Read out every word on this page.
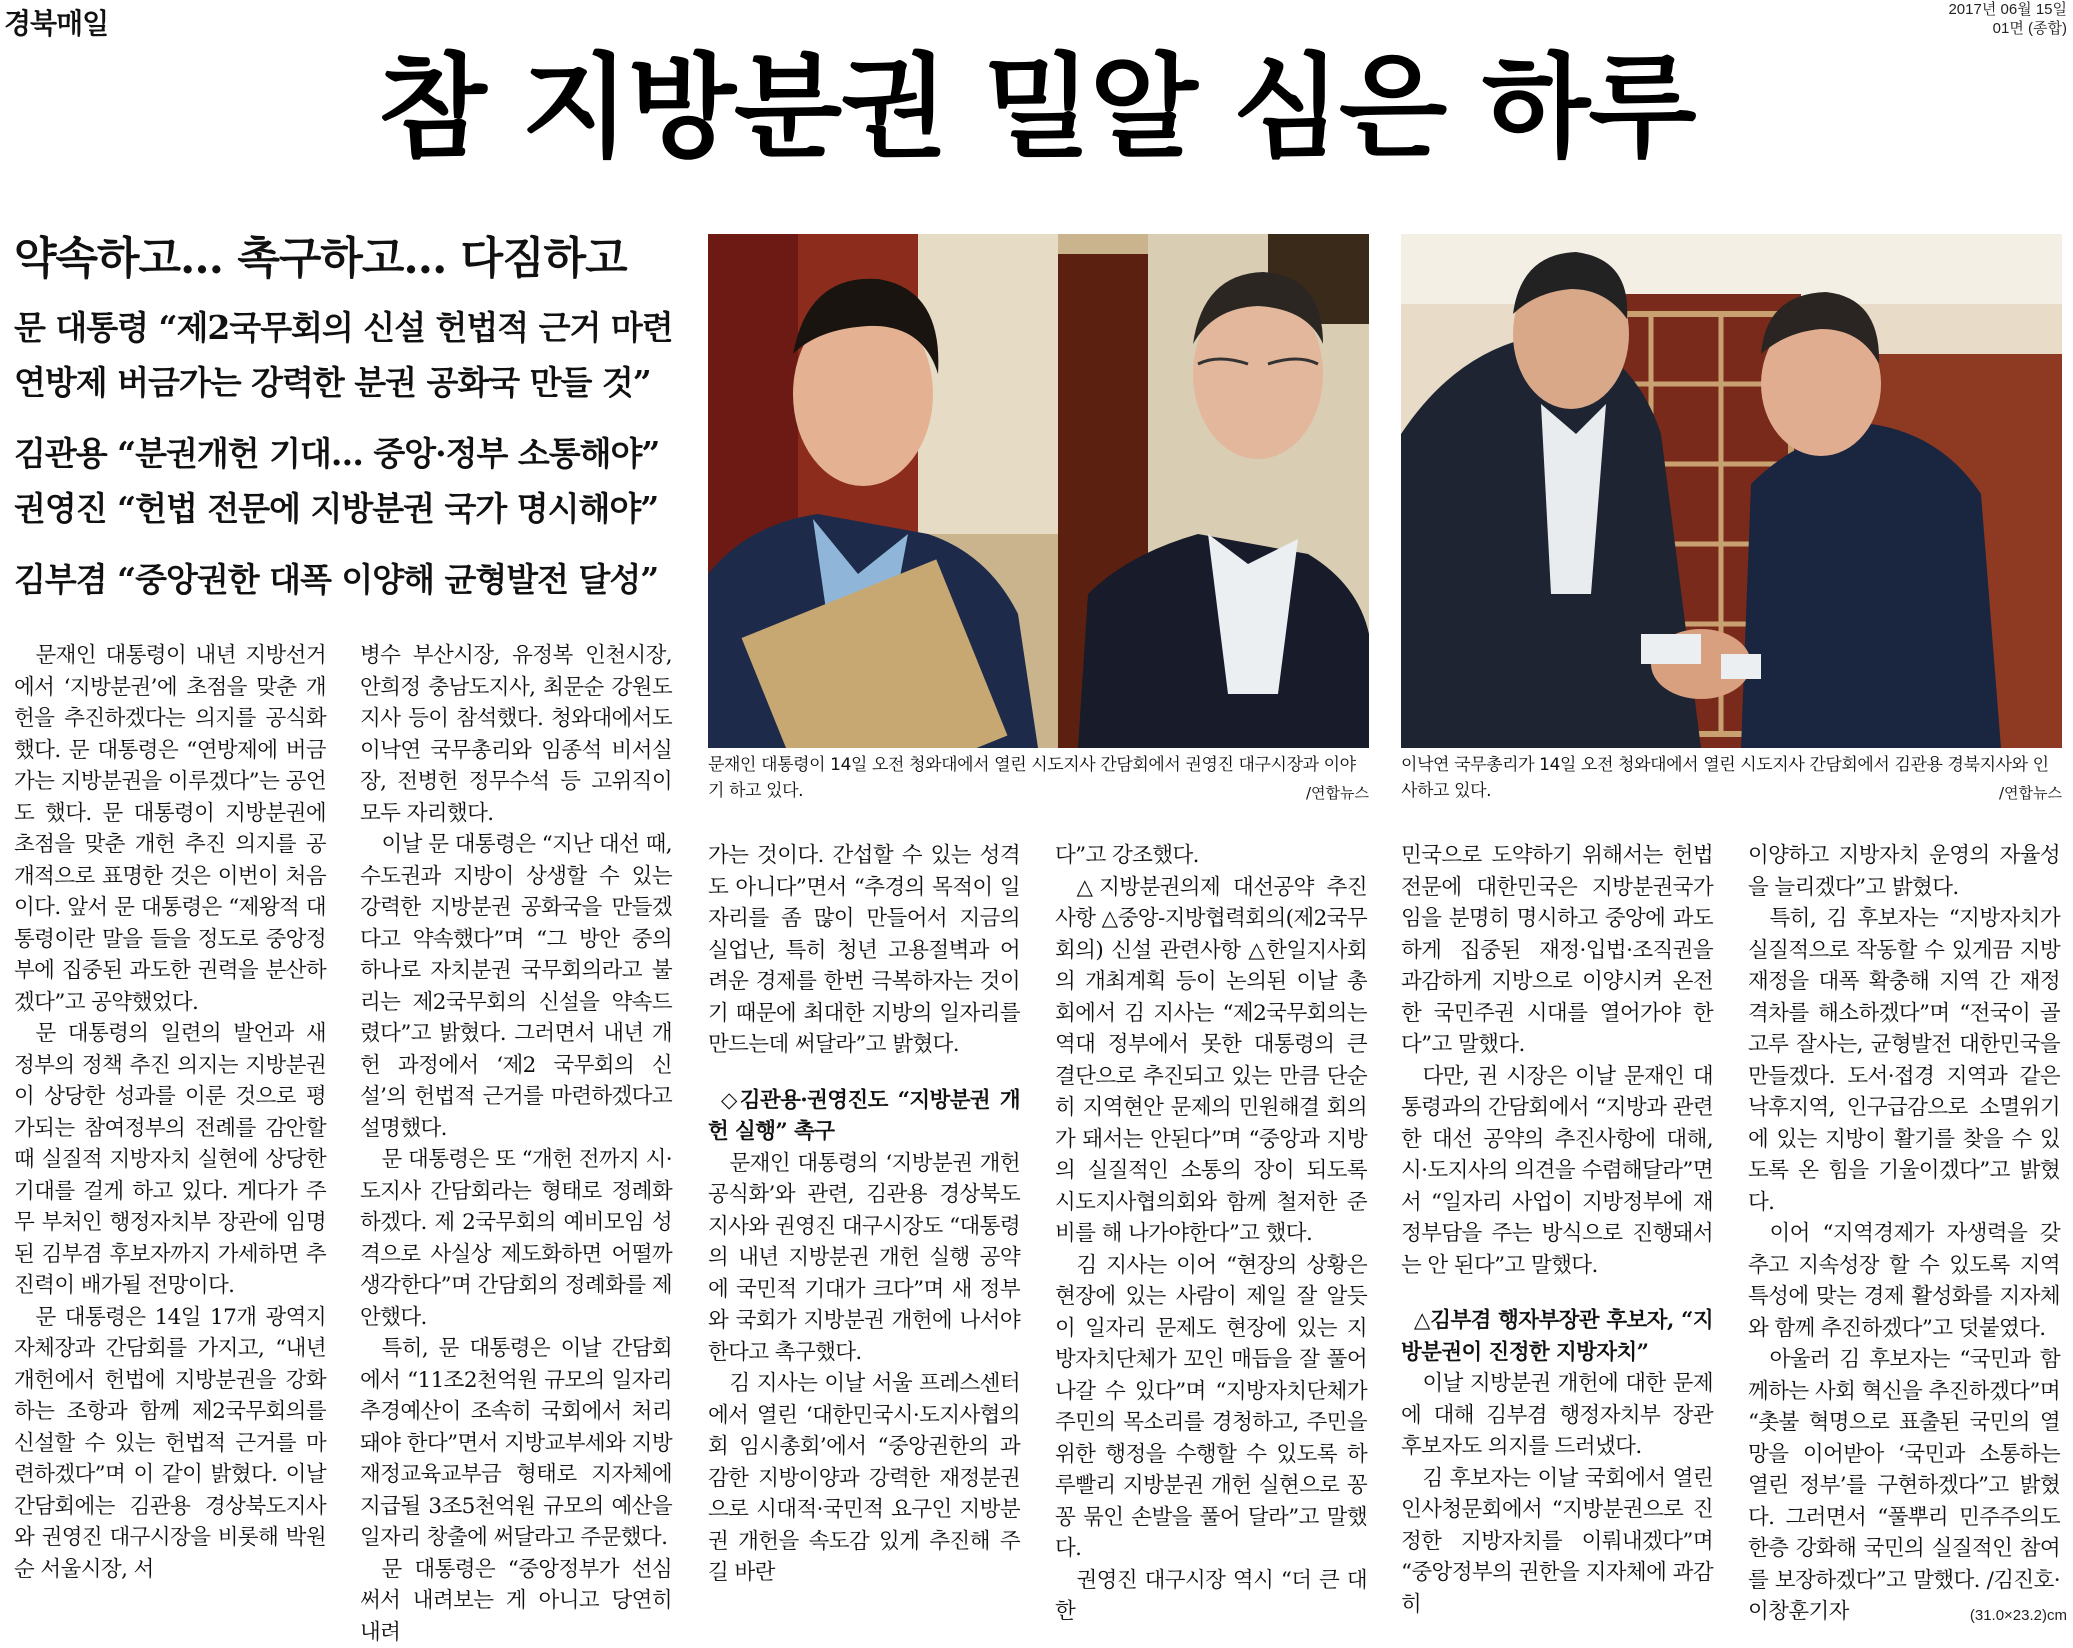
경북매일	2017년 06월 15일
01면 (종합)
참 지방분권 밀알 심은 하루
약속하고… 촉구하고… 다짐하고
문 대통령 “제2국무회의 신설 헌법적 근거 마련
연방제 버금가는 강력한 분권 공화국 만들 것”
김관용 “분권개헌 기대… 중앙·정부 소통해야”
권영진 “헌법 전문에 지방분권 국가 명시해야”
김부겸 “중앙권한 대폭 이양해 균형발전 달성”
문재인 대통령이 14일 오전 청와대에서 열린 시도지사 간담회에서 권영진 대구시장과 이야기 하고 있다.	/연합뉴스
이낙연 국무총리가 14일 오전 청와대에서 열린 시도지사 간담회에서 김관용 경북지사와 인사하고 있다.	/연합뉴스

문재인 대통령이 내년 지방선거에서 ‘지방분권’에 초점을 맞춘 개헌을 추진하겠다는 의지를 공식화했다. 문 대통령은 “연방제에 버금가는 지방분권을 이루겠다”는 공언도 했다. 문 대통령이 지방분권에 초점을 맞춘 개헌 추진 의지를 공개적으로 표명한 것은 이번이 처음이다. 앞서 문 대통령은 “제왕적 대통령이란 말을 들을 정도로 중앙정부에 집중된 과도한 권력을 분산하겠다”고 공약했었다.

문 대통령의 일련의 발언과 새 정부의 정책 추진 의지는 지방분권이 상당한 성과를 이룬 것으로 평가되는 참여정부의 전례를 감안할 때 실질적 지방자치 실현에 상당한 기대를 걸게 하고 있다. 게다가 주무 부처인 행정자치부 장관에 임명된 김부겸 후보자까지 가세하면 추진력이 배가될 전망이다.

문 대통령은 14일 17개 광역지자체장과 간담회를 가지고, “내년 개헌에서 헌법에 지방분권을 강화하는 조항과 함께 제2국무회의를 신설할 수 있는 헌법적 근거를 마련하겠다”며 이 같이 밝혔다. 이날 간담회에는 김관용 경상북도지사와 권영진 대구시장을 비롯해 박원순 서울시장, 서

병수 부산시장, 유정복 인천시장, 안희정 충남도지사, 최문순 강원도지사 등이 참석했다. 청와대에서도 이낙연 국무총리와 임종석 비서실장, 전병헌 정무수석 등 고위직이 모두 자리했다.

이날 문 대통령은 “지난 대선 때, 수도권과 지방이 상생할 수 있는 강력한 지방분권 공화국을 만들겠다고 약속했다”며 “그 방안 중의 하나로 자치분권 국무회의라고 불리는 제2국무회의 신설을 약속드렸다”고 밝혔다. 그러면서 내년 개헌 과정에서 ‘제2 국무회의 신설’의 헌법적 근거를 마련하겠다고 설명했다.

문 대통령은 또 “개헌 전까지 시·도지사 간담회라는 형태로 정례화하겠다. 제 2국무회의 예비모임 성격으로 사실상 제도화하면 어떨까 생각한다”며 간담회의 정례화를 제안했다.

특히, 문 대통령은 이날 간담회에서 “11조2천억원 규모의 일자리 추경예산이 조속히 국회에서 처리돼야 한다”면서 지방교부세와 지방재정교육교부금 형태로 지자체에 지급될 3조5천억원 규모의 예산을 일자리 창출에 써달라고 주문했다.

문 대통령은 “중앙정부가 선심 써서 내려보는 게 아니고 당연히 내려

가는 것이다. 간섭할 수 있는 성격도 아니다”면서 “추경의 목적이 일자리를 좀 많이 만들어서 지금의 실업난, 특히 청년 고용절벽과 어려운 경제를 한번 극복하자는 것이기 때문에 최대한 지방의 일자리를 만드는데 써달라”고 밝혔다.

◇김관용·권영진도 “지방분권 개헌 실행” 촉구

문재인 대통령의 ‘지방분권 개헌 공식화’와 관련, 김관용 경상북도지사와 권영진 대구시장도 “대통령의 내년 지방분권 개헌 실행 공약에 국민적 기대가 크다”며 새 정부와 국회가 지방분권 개헌에 나서야 한다고 촉구했다.

김 지사는 이날 서울 프레스센터에서 열린 ‘대한민국시·도지사협의회 임시총회’에서 “중앙권한의 과감한 지방이양과 강력한 재정분권으로 시대적·국민적 요구인 지방분권 개헌을 속도감 있게 추진해 주길 바란

다”고 강조했다.

△지방분권의제 대선공약 추진사항 △중앙-지방협력회의(제2국무회의) 신설 관련사항 △한일지사회의 개최계획 등이 논의된 이날 총회에서 김 지사는 “제2국무회의는 역대 정부에서 못한 대통령의 큰 결단으로 추진되고 있는 만큼 단순히 지역현안 문제의 민원해결 회의가 돼서는 안된다”며 “중앙과 지방의 실질적인 소통의 장이 되도록 시도지사협의회와 함께 철저한 준비를 해 나가야한다”고 했다.

김 지사는 이어 “현장의 상황은 현장에 있는 사람이 제일 잘 알듯이 일자리 문제도 현장에 있는 지방자치단체가 꼬인 매듭을 잘 풀어나갈 수 있다”며 “지방자치단체가 주민의 목소리를 경청하고, 주민을 위한 행정을 수행할 수 있도록 하루빨리 지방분권 개헌 실현으로 꽁꽁 묶인 손발을 풀어 달라”고 말했다.

권영진 대구시장 역시 “더 큰 대한

민국으로 도약하기 위해서는 헌법전문에 대한민국은 지방분권국가임을 분명히 명시하고 중앙에 과도하게 집중된 재정·입법·조직권을 과감하게 지방으로 이양시켜 온전한 국민주권 시대를 열어가야 한다”고 말했다.

다만, 권 시장은 이날 문재인 대통령과의 간담회에서 “지방과 관련한 대선 공약의 추진사항에 대해, 시·도지사의 의견을 수렴해달라”면서 “일자리 사업이 지방정부에 재정부담을 주는 방식으로 진행돼서는 안 된다”고 말했다.

△김부겸 행자부장관 후보자, “지방분권이 진정한 지방자치”

이날 지방분권 개헌에 대한 문제에 대해 김부겸 행정자치부 장관 후보자도 의지를 드러냈다.

김 후보자는 이날 국회에서 열린 인사청문회에서 “지방분권으로 진정한 지방자치를 이뤄내겠다”며 “중앙정부의 권한을 지자체에 과감히

이양하고 지방자치 운영의 자율성을 늘리겠다”고 밝혔다.

특히, 김 후보자는 “지방자치가 실질적으로 작동할 수 있게끔 지방재정을 대폭 확충해 지역 간 재정 격차를 해소하겠다”며 “전국이 골고루 잘사는, 균형발전 대한민국을 만들겠다. 도서·접경 지역과 같은 낙후지역, 인구급감으로 소멸위기에 있는 지방이 활기를 찾을 수 있도록 온 힘을 기울이겠다”고 밝혔다.

이어 “지역경제가 자생력을 갖추고 지속성장 할 수 있도록 지역 특성에 맞는 경제 활성화를 지자체와 함께 추진하겠다”고 덧붙였다.

아울러 김 후보자는 “국민과 함께하는 사회 혁신을 추진하겠다”며 “촛불 혁명으로 표출된 국민의 열망을 이어받아 ‘국민과 소통하는 열린 정부’를 구현하겠다”고 밝혔다. 그러면서 “풀뿌리 민주주의도 한층 강화해 국민의 실질적인 참여를 보장하겠다”고 말했다. /김진호·이창훈기자	(31.0×23.2)cm
